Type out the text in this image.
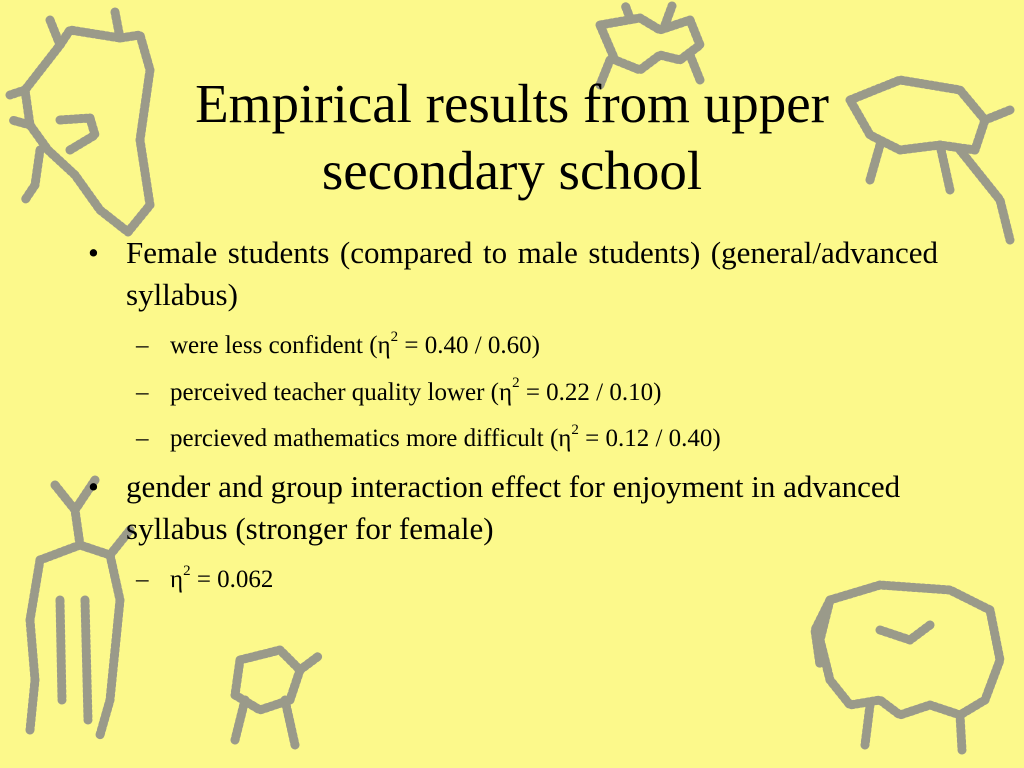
Empirical results from upper
secondary school
• Female students (compared to male students) (general/advanced syllabus)
– were less confident $(\eta^2 = 0.40 / 0.60)$
– perceived teacher quality lower $(\eta^2 = 0.22 / 0.10)$
– percieved mathematics more difficult $(\eta^2 = 0.12 / 0.40)$
• gender and group interaction effect for enjoyment in advanced syllabus (stronger for female)
– $\eta^2 = 0.062$
